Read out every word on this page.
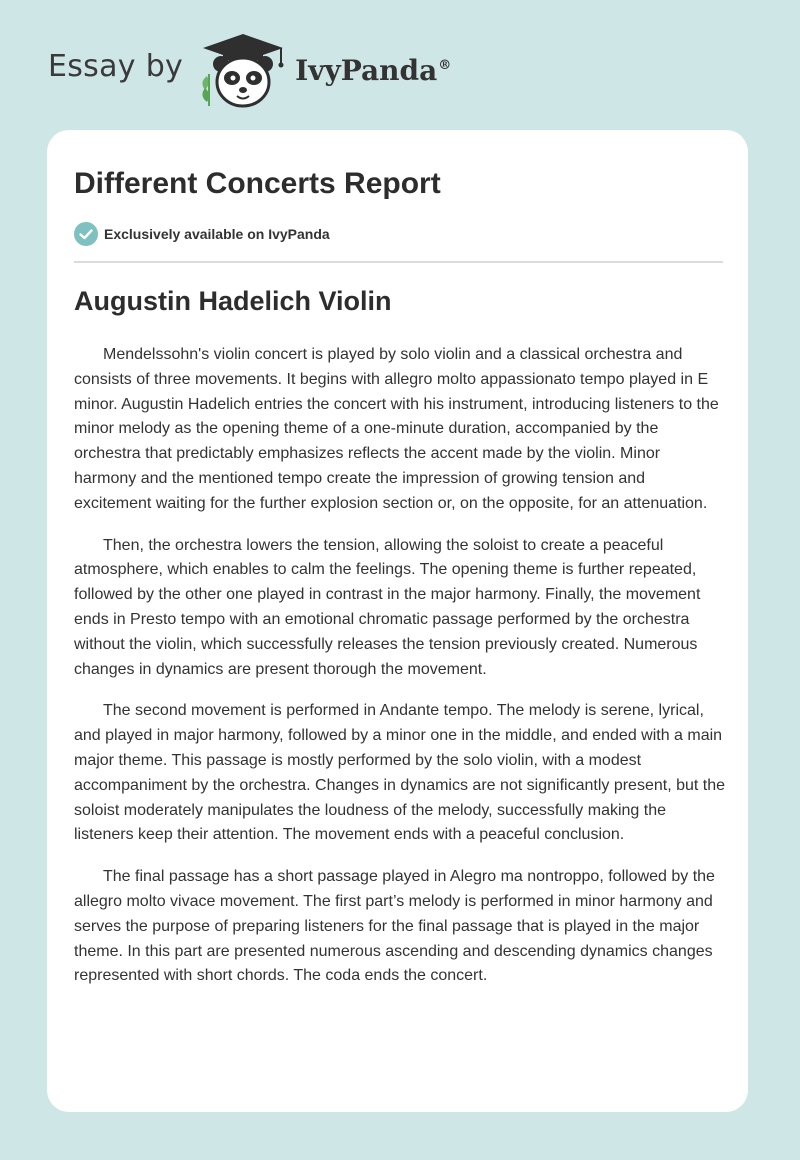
Essay by	IvyPanda®
Different Concerts Report
Exclusively available on IvyPanda
Augustin Hadelich Violin

Mendelssohn's violin concert is played by solo violin and a classical orchestra and consists of three movements. It begins with allegro molto appassionato tempo played in E minor. Augustin Hadelich entries the concert with his instrument, introducing listeners to the minor melody as the opening theme of a one-minute duration, accompanied by the orchestra that predictably emphasizes reflects the accent made by the violin. Minor harmony and the mentioned tempo create the impression of growing tension and excitement waiting for the further explosion section or, on the opposite, for an attenuation.

Then, the orchestra lowers the tension, allowing the soloist to create a peaceful atmosphere, which enables to calm the feelings. The opening theme is further repeated, followed by the other one played in contrast in the major harmony. Finally, the movement ends in Presto tempo with an emotional chromatic passage performed by the orchestra without the violin, which successfully releases the tension previously created. Numerous changes in dynamics are present thorough the movement.

The second movement is performed in Andante tempo. The melody is serene, lyrical, and played in major harmony, followed by a minor one in the middle, and ended with a main major theme. This passage is mostly performed by the solo violin, with a modest accompaniment by the orchestra. Changes in dynamics are not significantly present, but the soloist moderately manipulates the loudness of the melody, successfully making the listeners keep their attention. The movement ends with a peaceful conclusion.

The final passage has a short passage played in Alegro ma nontroppo, followed by the allegro molto vivace movement. The first part’s melody is performed in minor harmony and serves the purpose of preparing listeners for the final passage that is played in the major theme. In this part are presented numerous ascending and descending dynamics changes represented with short chords. The coda ends the concert.
